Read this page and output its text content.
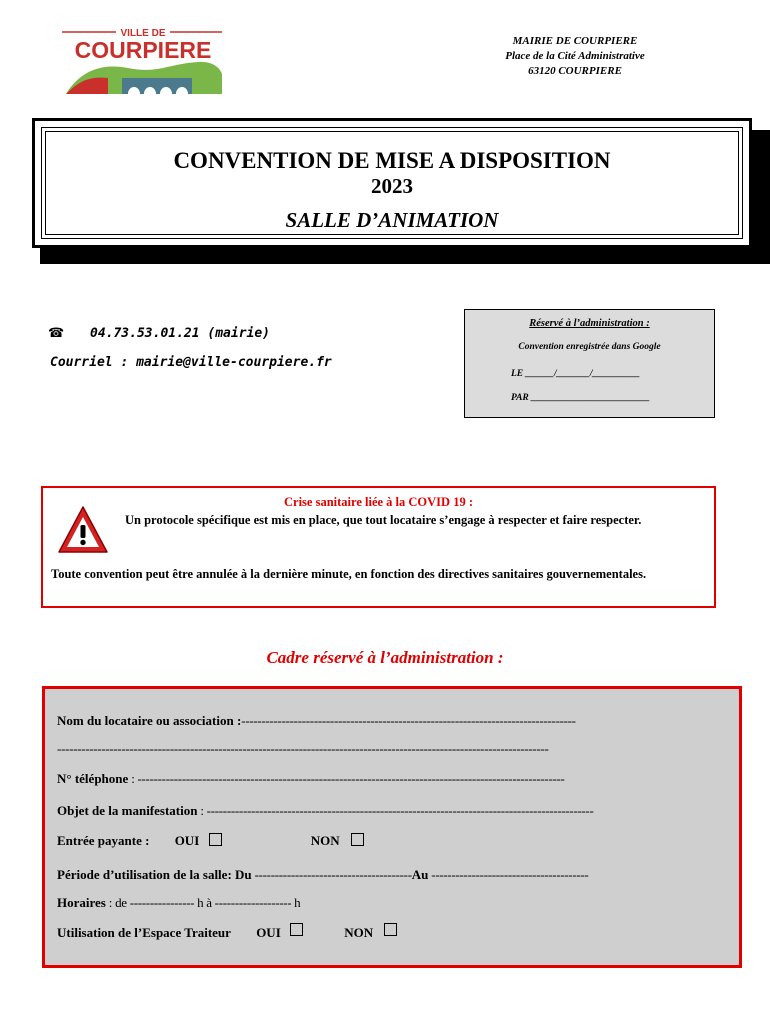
VILLE DE
COURPIERE	MAIRIE DE COURPIERE
Place de la Cité Administrative
63120 COURPIERE
CONVENTION DE MISE A DISPOSITION
2023
SALLE D’ANIMATION
☎ 04.73.53.01.21 (mairie)
Courriel : mairie@ville-courpiere.fr
Réservé à l’administration :
Convention enregistrée dans Google
LE ______/_______/__________
PAR _________________________
Crise sanitaire liée à la COVID 19 :
Un protocole spécifique est mis en place, que tout locataire s’engage à respecter et faire respecter.
Toute convention peut être annulée à la dernière minute, en fonction des directives sanitaires gouvernementales.
Cadre réservé à l’administration :
Nom du locataire ou association :-----------------------------------------------------------------------------------
--------------------------------------------------------------------------------------------------------------------------
N° téléphone : ----------------------------------------------------------------------------------------------------------
Objet de la manifestation : ------------------------------------------------------------------------------------------------
Entrée payante : OUI	NON
Période d’utilisation de la salle: Du ---------------------------------------Au ---------------------------------------
Horaires : de ---------------- h à ------------------- h
Utilisation de l’Espace Traiteur OUI	NON
